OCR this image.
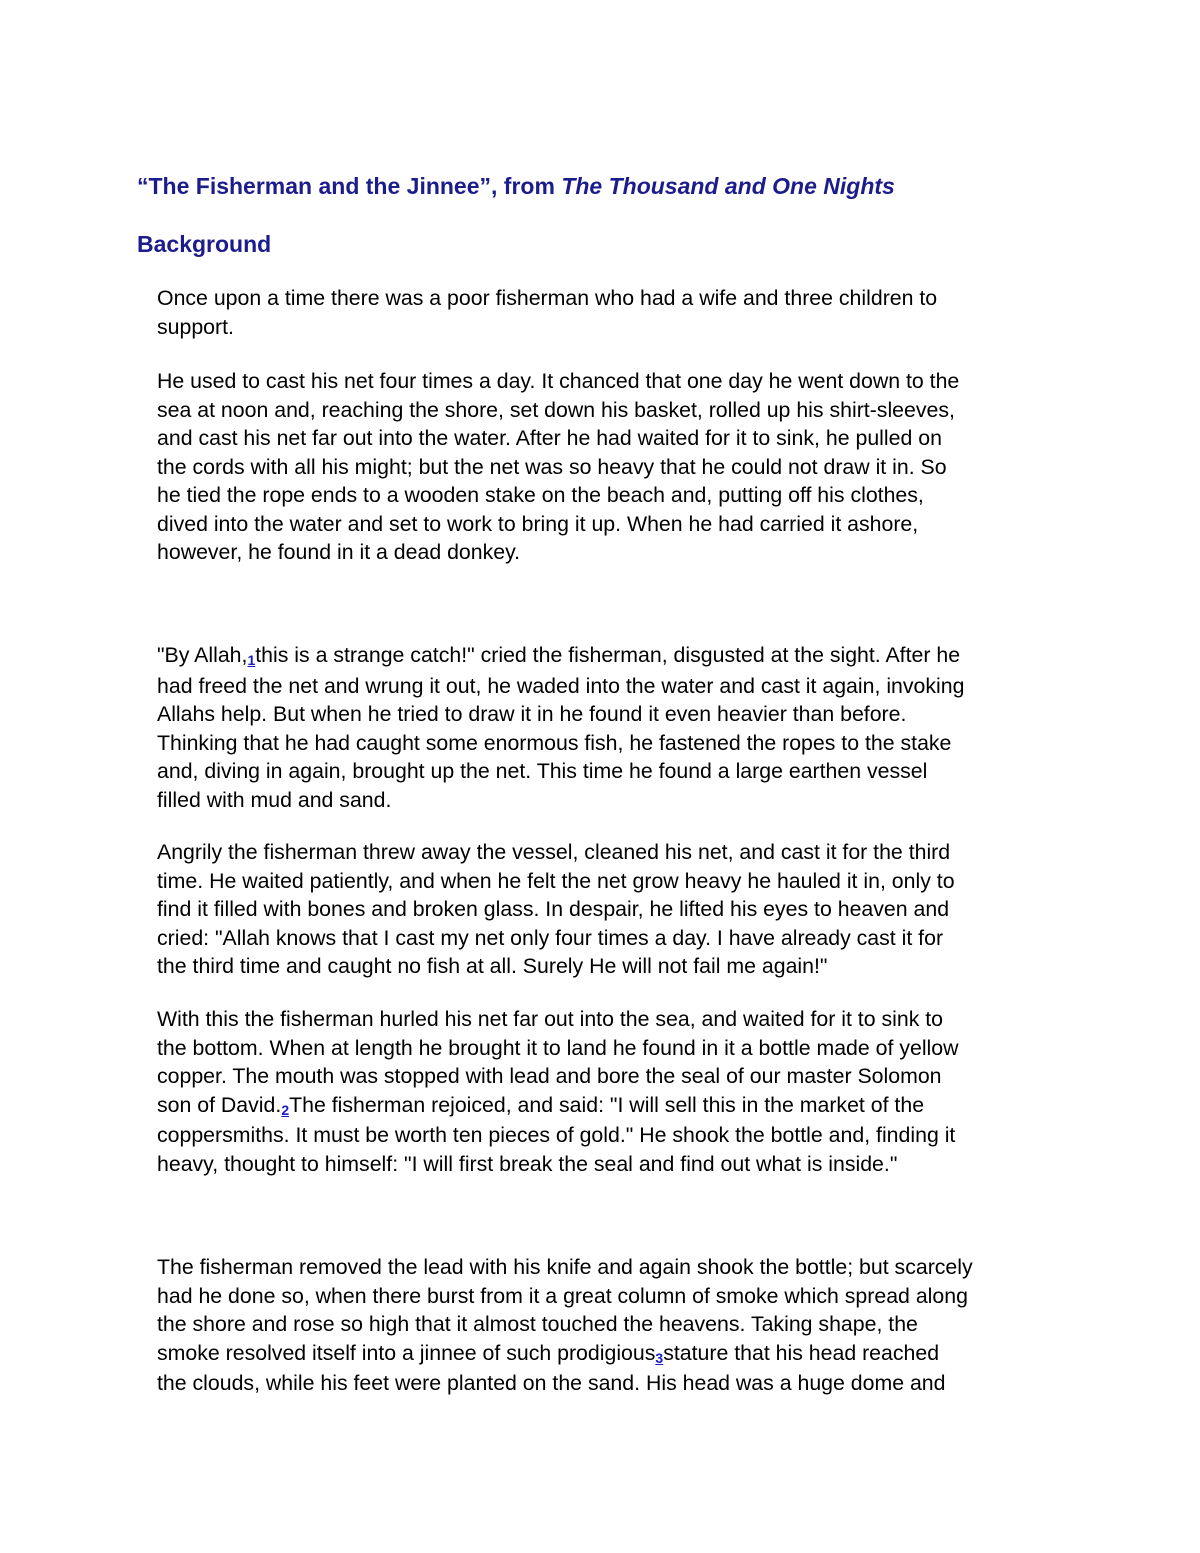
“The Fisherman and the Jinnee”, from The Thousand and One Nights
Background

Once upon a time there was a poor fisherman who had a wife and three children to
support.

He used to cast his net four times a day. It chanced that one day he went down to the
sea at noon and, reaching the shore, set down his basket, rolled up his shirt-sleeves,
and cast his net far out into the water. After he had waited for it to sink, he pulled on
the cords with all his might; but the net was so heavy that he could not draw it in. So
he tied the rope ends to a wooden stake on the beach and, putting off his clothes,
dived into the water and set to work to bring it up. When he had carried it ashore,
however, he found in it a dead donkey.

"By Allah,1this is a strange catch!" cried the fisherman, disgusted at the sight. After he
had freed the net and wrung it out, he waded into the water and cast it again, invoking
Allahs help. But when he tried to draw it in he found it even heavier than before.
Thinking that he had caught some enormous fish, he fastened the ropes to the stake
and, diving in again, brought up the net. This time he found a large earthen vessel
filled with mud and sand.

Angrily the fisherman threw away the vessel, cleaned his net, and cast it for the third
time. He waited patiently, and when he felt the net grow heavy he hauled it in, only to
find it filled with bones and broken glass. In despair, he lifted his eyes to heaven and
cried: "Allah knows that I cast my net only four times a day. I have already cast it for
the third time and caught no fish at all. Surely He will not fail me again!"

With this the fisherman hurled his net far out into the sea, and waited for it to sink to
the bottom. When at length he brought it to land he found in it a bottle made of yellow
copper. The mouth was stopped with lead and bore the seal of our master Solomon
son of David.2The fisherman rejoiced, and said: "I will sell this in the market of the
coppersmiths. It must be worth ten pieces of gold." He shook the bottle and, finding it
heavy, thought to himself: "I will first break the seal and find out what is inside."

The fisherman removed the lead with his knife and again shook the bottle; but scarcely
had he done so, when there burst from it a great column of smoke which spread along
the shore and rose so high that it almost touched the heavens. Taking shape, the
smoke resolved itself into a jinnee of such prodigious3stature that his head reached
the clouds, while his feet were planted on the sand. His head was a huge dome and
